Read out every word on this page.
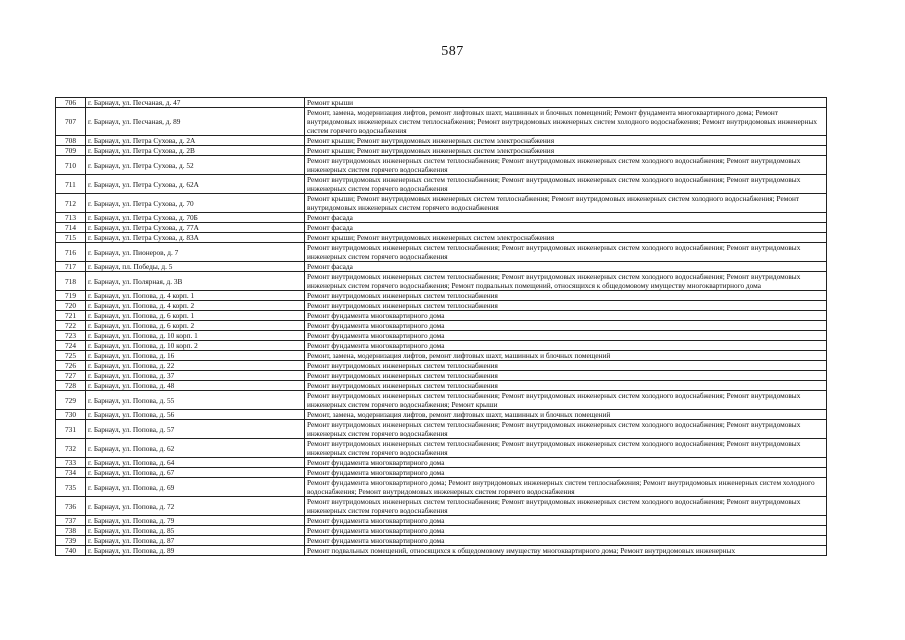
587
706	г. Барнаул, ул. Песчаная, д. 47	Ремонт крыши
707	г. Барнаул, ул. Песчаная, д. 89	Ремонт, замена, модернизация лифтов, ремонт лифтовых шахт, машинных и блочных помещений; Ремонт фундамента многоквартирного дома; Ремонт внутридомовых инженерных систем теплоснабжения; Ремонт внутридомовых инженерных систем холодного водоснабжения; Ремонт внутридомовых инженерных систем горячего водоснабжения
708	г. Барнаул, ул. Петра Сухова, д. 2А	Ремонт крыши; Ремонт внутридомовых инженерных систем электроснабжения
709	г. Барнаул, ул. Петра Сухова, д. 2В	Ремонт крыши; Ремонт внутридомовых инженерных систем электроснабжения
710	г. Барнаул, ул. Петра Сухова, д. 52	Ремонт внутридомовых инженерных систем теплоснабжения; Ремонт внутридомовых инженерных систем холодного водоснабжения; Ремонт внутридомовых инженерных систем горячего водоснабжения
711	г. Барнаул, ул. Петра Сухова, д. 62А	Ремонт внутридомовых инженерных систем теплоснабжения; Ремонт внутридомовых инженерных систем холодного водоснабжения; Ремонт внутридомовых инженерных систем горячего водоснабжения
712	г. Барнаул, ул. Петра Сухова, д. 70	Ремонт крыши; Ремонт внутридомовых инженерных систем теплоснабжения; Ремонт внутридомовых инженерных систем холодного водоснабжения; Ремонт внутридомовых инженерных систем горячего водоснабжения
713	г. Барнаул, ул. Петра Сухова, д. 70Б	Ремонт фасада
714	г. Барнаул, ул. Петра Сухова, д. 77А	Ремонт фасада
715	г. Барнаул, ул. Петра Сухова, д. 83А	Ремонт крыши; Ремонт внутридомовых инженерных систем электроснабжения
716	г. Барнаул, ул. Пионеров, д. 7	Ремонт внутридомовых инженерных систем теплоснабжения; Ремонт внутридомовых инженерных систем холодного водоснабжения; Ремонт внутридомовых инженерных систем горячего водоснабжения
717	г. Барнаул, пл. Победы, д. 5	Ремонт фасада
718	г. Барнаул, ул. Полярная, д. 3В	Ремонт внутридомовых инженерных систем теплоснабжения; Ремонт внутридомовых инженерных систем холодного водоснабжения; Ремонт внутридомовых инженерных систем горячего водоснабжения; Ремонт подвальных помещений, относящихся к общедомовому имуществу многоквартирного дома
719	г. Барнаул, ул. Попова, д. 4 корп. 1	Ремонт внутридомовых инженерных систем теплоснабжения
720	г. Барнаул, ул. Попова, д. 4 корп. 2	Ремонт внутридомовых инженерных систем теплоснабжения
721	г. Барнаул, ул. Попова, д. 6 корп. 1	Ремонт фундамента многоквартирного дома
722	г. Барнаул, ул. Попова, д. 6 корп. 2	Ремонт фундамента многоквартирного дома
723	г. Барнаул, ул. Попова, д. 10 корп. 1	Ремонт фундамента многоквартирного дома
724	г. Барнаул, ул. Попова, д. 10 корп. 2	Ремонт фундамента многоквартирного дома
725	г. Барнаул, ул. Попова, д. 16	Ремонт, замена, модернизация лифтов, ремонт лифтовых шахт, машинных и блочных помещений
726	г. Барнаул, ул. Попова, д. 22	Ремонт внутридомовых инженерных систем теплоснабжения
727	г. Барнаул, ул. Попова, д. 37	Ремонт внутридомовых инженерных систем теплоснабжения
728	г. Барнаул, ул. Попова, д. 48	Ремонт внутридомовых инженерных систем теплоснабжения
729	г. Барнаул, ул. Попова, д. 55	Ремонт внутридомовых инженерных систем теплоснабжения; Ремонт внутридомовых инженерных систем холодного водоснабжения; Ремонт внутридомовых инженерных систем горячего водоснабжения; Ремонт крыши
730	г. Барнаул, ул. Попова, д. 56	Ремонт, замена, модернизация лифтов, ремонт лифтовых шахт, машинных и блочных помещений
731	г. Барнаул, ул. Попова, д. 57	Ремонт внутридомовых инженерных систем теплоснабжения; Ремонт внутридомовых инженерных систем холодного водоснабжения; Ремонт внутридомовых инженерных систем горячего водоснабжения
732	г. Барнаул, ул. Попова, д. 62	Ремонт внутридомовых инженерных систем теплоснабжения; Ремонт внутридомовых инженерных систем холодного водоснабжения; Ремонт внутридомовых инженерных систем горячего водоснабжения
733	г. Барнаул, ул. Попова, д. 64	Ремонт фундамента многоквартирного дома
734	г. Барнаул, ул. Попова, д. 67	Ремонт фундамента многоквартирного дома
735	г. Барнаул, ул. Попова, д. 69	Ремонт фундамента многоквартирного дома; Ремонт внутридомовых инженерных систем теплоснабжения; Ремонт внутридомовых инженерных систем холодного водоснабжения; Ремонт внутридомовых инженерных систем горячего водоснабжения
736	г. Барнаул, ул. Попова, д. 72	Ремонт внутридомовых инженерных систем теплоснабжения; Ремонт внутридомовых инженерных систем холодного водоснабжения; Ремонт внутридомовых инженерных систем горячего водоснабжения
737	г. Барнаул, ул. Попова, д. 79	Ремонт фундамента многоквартирного дома
738	г. Барнаул, ул. Попова, д. 85	Ремонт фундамента многоквартирного дома
739	г. Барнаул, ул. Попова, д. 87	Ремонт фундамента многоквартирного дома
740	г. Барнаул, ул. Попова, д. 89	Ремонт подвальных помещений, относящихся к общедомовому имуществу многоквартирного дома; Ремонт внутридомовых инженерных
